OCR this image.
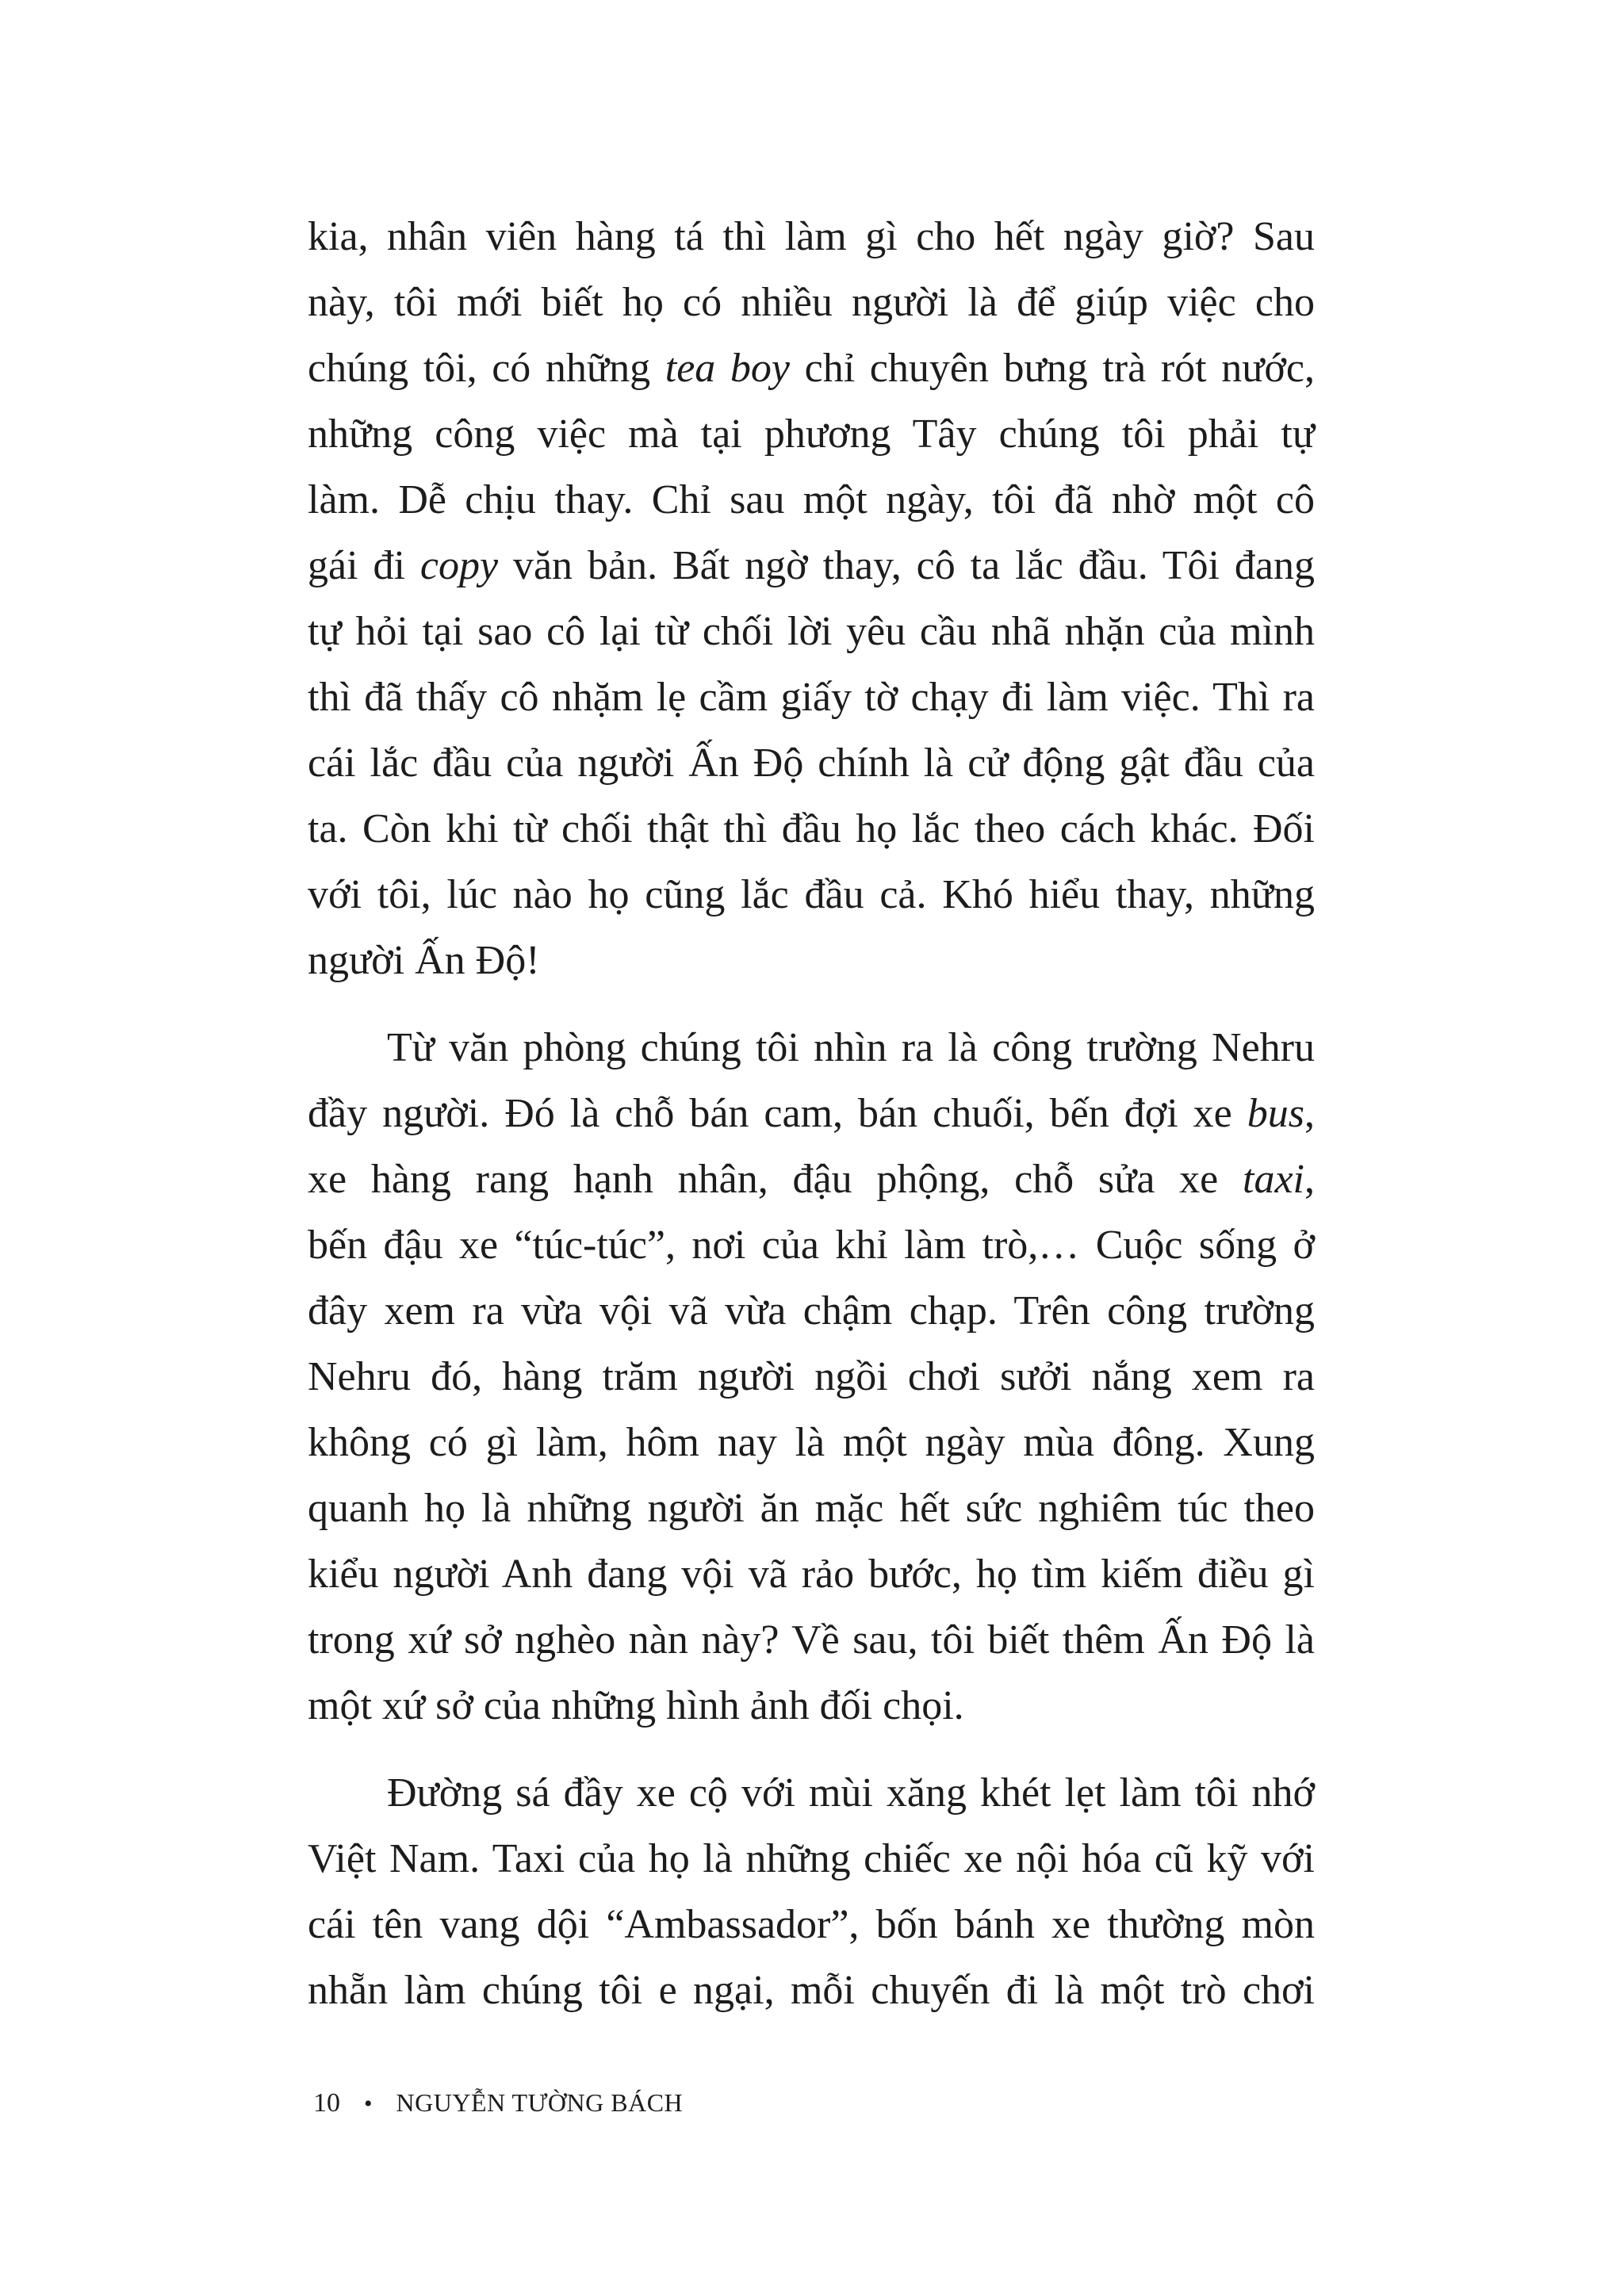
kia, nhân viên hàng tá thì làm gì cho hết ngày giờ? Sau
này, tôi mới biết họ có nhiều người là để giúp việc cho
chúng tôi, có những tea boy chỉ chuyên bưng trà rót nước,
những công việc mà tại phương Tây chúng tôi phải tự
làm. Dễ chịu thay. Chỉ sau một ngày, tôi đã nhờ một cô
gái đi copy văn bản. Bất ngờ thay, cô ta lắc đầu. Tôi đang
tự hỏi tại sao cô lại từ chối lời yêu cầu nhã nhặn của mình
thì đã thấy cô nhặm lẹ cầm giấy tờ chạy đi làm việc. Thì ra
cái lắc đầu của người Ấn Độ chính là cử động gật đầu của
ta. Còn khi từ chối thật thì đầu họ lắc theo cách khác. Đối
với tôi, lúc nào họ cũng lắc đầu cả. Khó hiểu thay, những
người Ấn Độ!
Từ văn phòng chúng tôi nhìn ra là công trường Nehru
đầy người. Đó là chỗ bán cam, bán chuối, bến đợi xe bus,
xe hàng rang hạnh nhân, đậu phộng, chỗ sửa xe taxi,
bến đậu xe “túc-túc”, nơi của khỉ làm trò,… Cuộc sống ở
đây xem ra vừa vội vã vừa chậm chạp. Trên công trường
Nehru đó, hàng trăm người ngồi chơi sưởi nắng xem ra
không có gì làm, hôm nay là một ngày mùa đông. Xung
quanh họ là những người ăn mặc hết sức nghiêm túc theo
kiểu người Anh đang vội vã rảo bước, họ tìm kiếm điều gì
trong xứ sở nghèo nàn này? Về sau, tôi biết thêm Ấn Độ là
một xứ sở của những hình ảnh đối chọi.
Đường sá đầy xe cộ với mùi xăng khét lẹt làm tôi nhớ
Việt Nam. Taxi của họ là những chiếc xe nội hóa cũ kỹ với
cái tên vang dội “Ambassador”, bốn bánh xe thường mòn
nhẵn làm chúng tôi e ngại, mỗi chuyến đi là một trò chơi
10 • NGUYỄN TƯỜNG BÁCH
